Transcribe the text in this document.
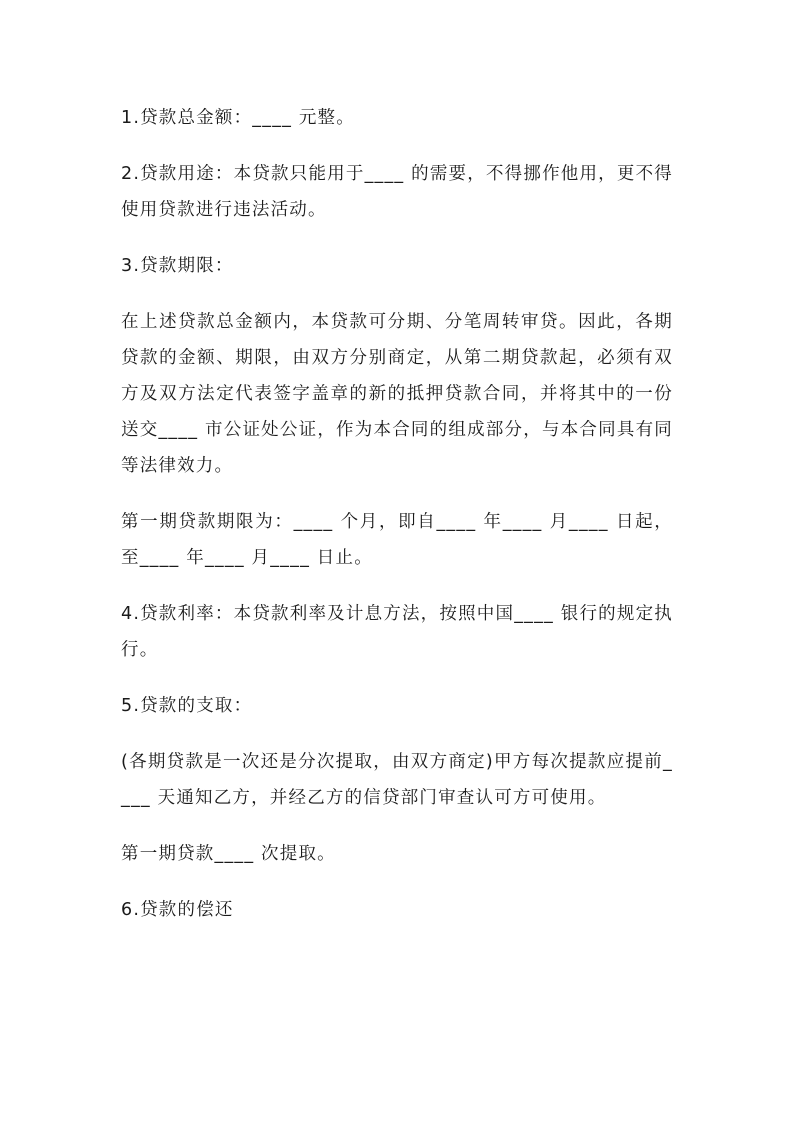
1.贷款总金额：____ 元整。

2.贷款用途：本贷款只能用于____ 的需要，不得挪作他用，更不得使用贷款进行违法活动。

3.贷款期限：

在上述贷款总金额内，本贷款可分期、分笔周转审贷。因此，各期贷款的金额、期限，由双方分别商定，从第二期贷款起，必须有双方及双方法定代表签字盖章的新的抵押贷款合同，并将其中的一份送交____ 市公证处公证，作为本合同的组成部分，与本合同具有同等法律效力。

第一期贷款期限为：____ 个月，即自____ 年____ 月____ 日起，至____ 年____ 月____ 日止。

4.贷款利率：本贷款利率及计息方法，按照中国____ 银行的规定执行。

5.贷款的支取：

(各期贷款是一次还是分次提取，由双方商定)甲方每次提款应提前____ 天通知乙方，并经乙方的信贷部门审查认可方可使用。

第一期贷款____ 次提取。

6.贷款的偿还
